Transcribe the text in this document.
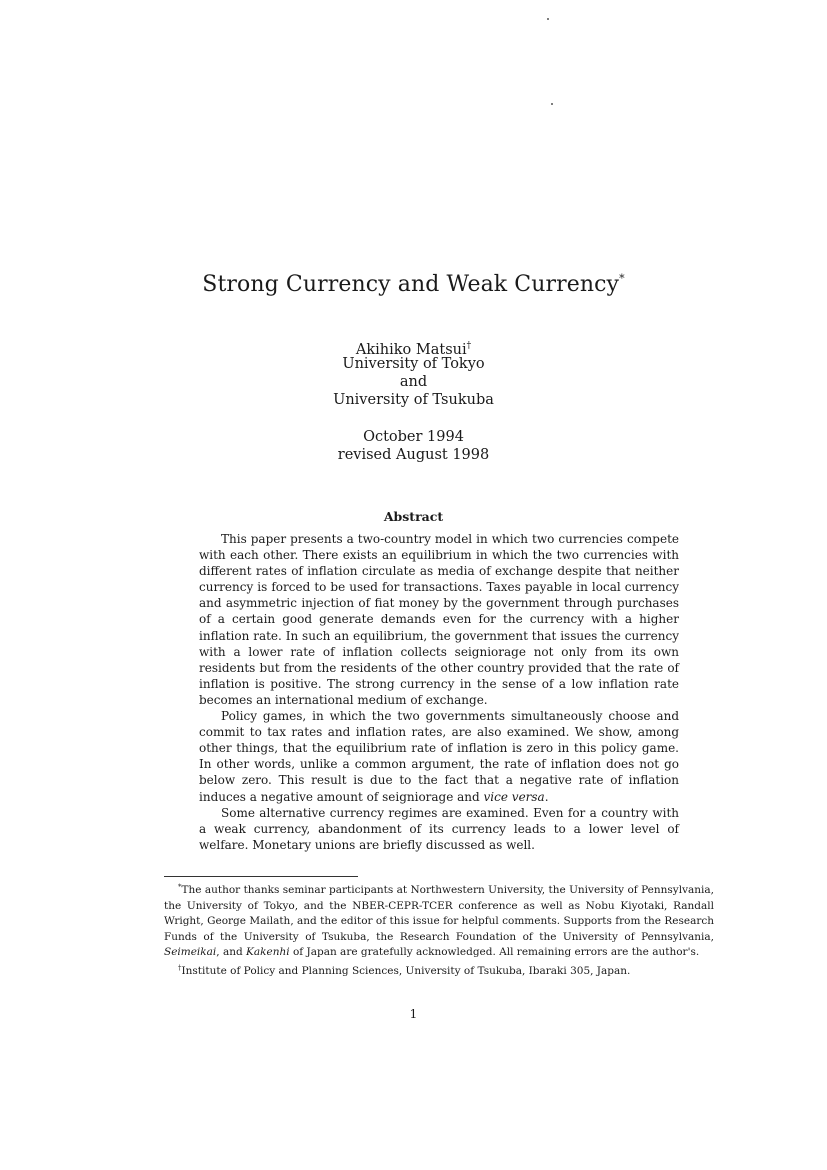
Strong Currency and Weak Currency*
Akihiko Matsui†
University of Tokyo
and
University of Tsukuba
October 1994
revised August 1998
Abstract

This paper presents a two-country model in which two currencies compete with each other. There exists an equilibrium in which the two currencies with different rates of inflation circulate as media of exchange despite that neither currency is forced to be used for transactions. Taxes payable in local currency and asymmetric injection of fiat money by the government through purchases of a certain good generate demands even for the currency with a higher inflation rate. In such an equilibrium, the government that issues the currency with a lower rate of inflation collects seigniorage not only from its own residents but from the residents of the other country provided that the rate of inflation is positive. The strong currency in the sense of a low inflation rate becomes an international medium of exchange.

Policy games, in which the two governments simultaneously choose and commit to tax rates and inflation rates, are also examined. We show, among other things, that the equilibrium rate of inflation is zero in this policy game. In other words, unlike a common argument, the rate of inflation does not go below zero. This result is due to the fact that a negative rate of inflation induces a negative amount of seigniorage and vice versa.

Some alternative currency regimes are examined. Even for a country with a weak currency, abandonment of its currency leads to a lower level of welfare. Monetary unions are briefly discussed as well.

*The author thanks seminar participants at Northwestern University, the University of Pennsylvania, the University of Tokyo, and the NBER-CEPR-TCER conference as well as Nobu Kiyotaki, Randall Wright, George Mailath, and the editor of this issue for helpful comments. Supports from the Research Funds of the University of Tsukuba, the Research Foundation of the University of Pennsylvania, Seimeikai, and Kakenhi of Japan are gratefully acknowledged. All remaining errors are the author's.

†Institute of Policy and Planning Sciences, University of Tsukuba, Ibaraki 305, Japan.

1
